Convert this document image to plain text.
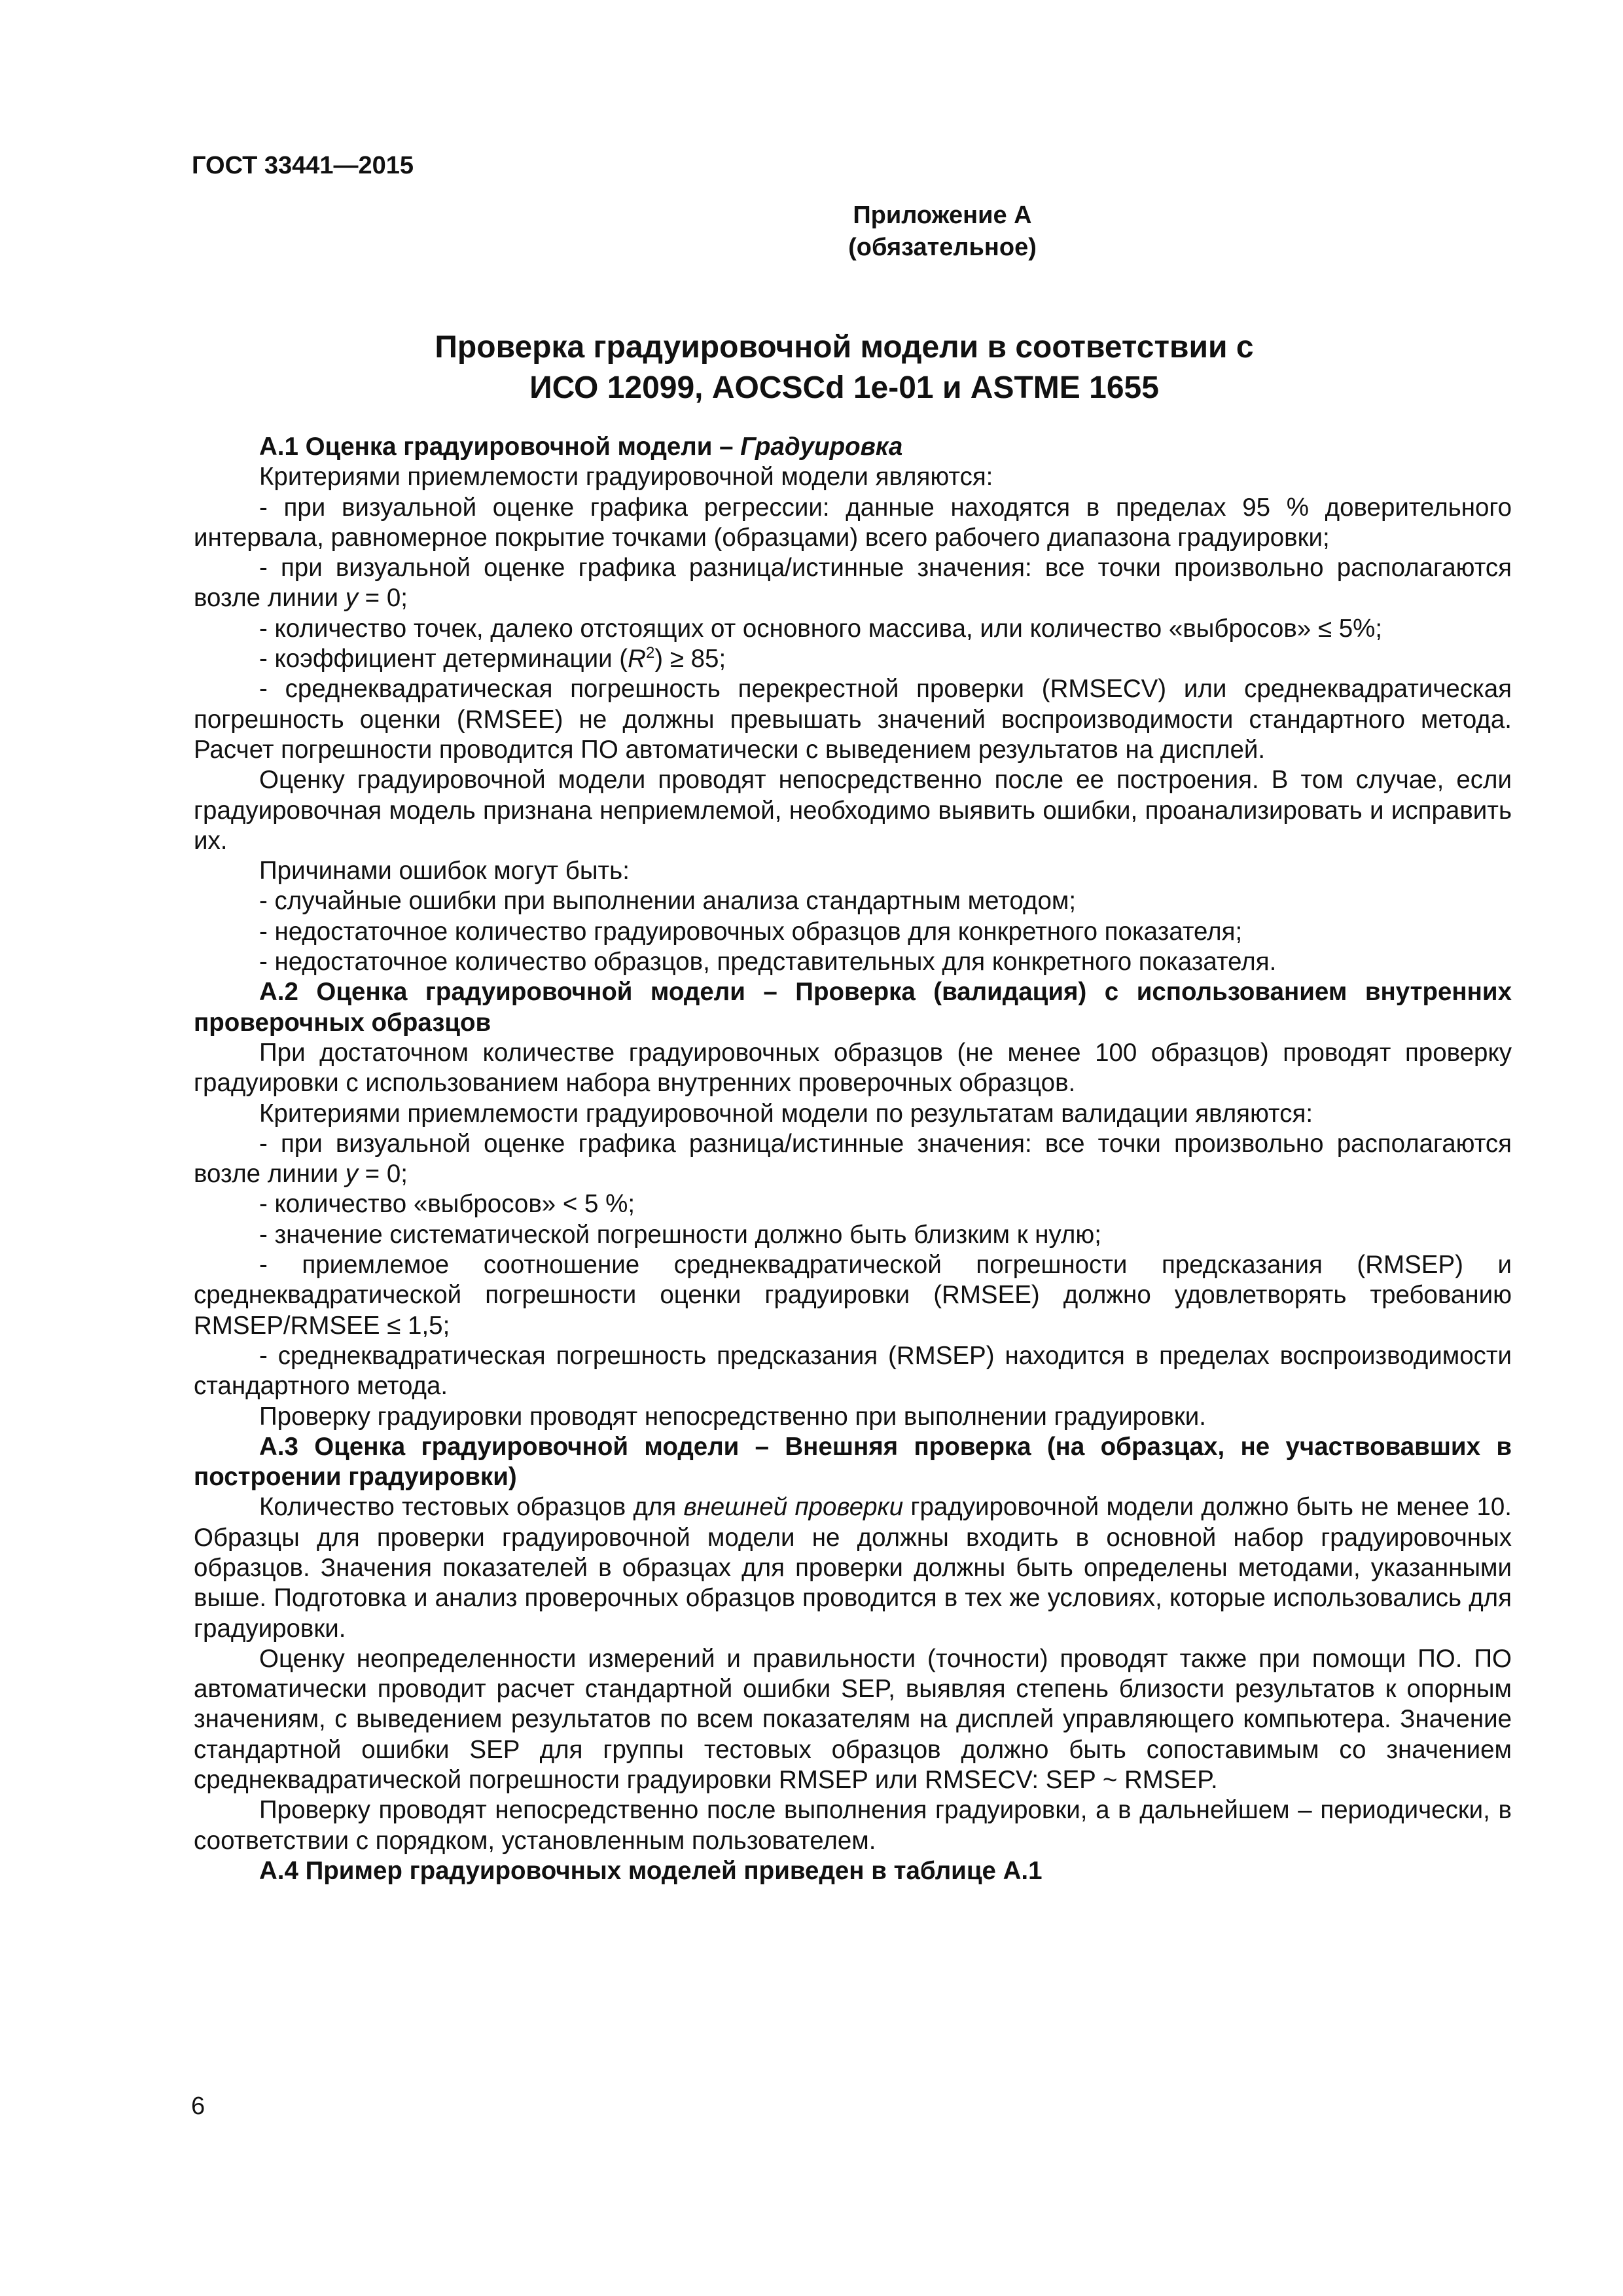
ГОСТ 33441—2015
Приложение А
(обязательное)
Проверка градуировочной модели в соответствии с
ИСО 12099, AOCSCd 1е-01 и ASTME 1655

А.1 Оценка градуировочной модели – Градуировка

Критериями приемлемости градуировочной модели являются:

- при визуальной оценке графика регрессии: данные находятся в пределах 95 % доверительного интервала, равномерное покрытие точками (образцами) всего рабочего диапазона градуировки;

- при визуальной оценке графика разница/истинные значения: все точки произвольно располагаются возле линии y = 0;

- количество точек, далеко отстоящих от основного массива, или количество «выбросов» ≤ 5%;

- коэффициент детерминации $(R^2) \ge 85$;

- среднеквадратическая погрешность перекрестной проверки (RMSECV) или среднеквадратическая погрешность оценки (RMSEE) не должны превышать значений воспроизводимости стандартного метода. Расчет погрешности проводится ПО автоматически с выведением результатов на дисплей.

Оценку градуировочной модели проводят непосредственно после ее построения. В том случае, если градуировочная модель признана неприемлемой, необходимо выявить ошибки, проанализировать и исправить их.

Причинами ошибок могут быть:

- случайные ошибки при выполнении анализа стандартным методом;

- недостаточное количество градуировочных образцов для конкретного показателя;

- недостаточное количество образцов, представительных для конкретного показателя.

А.2 Оценка градуировочной модели – Проверка (валидация) с использованием внутренних проверочных образцов

При достаточном количестве градуировочных образцов (не менее 100 образцов) проводят проверку градуировки с использованием набора внутренних проверочных образцов.

Критериями приемлемости градуировочной модели по результатам валидации являются:

- при визуальной оценке графика разница/истинные значения: все точки произвольно располагаются возле линии y = 0;

- количество «выбросов» < 5 %;

- значение систематической погрешности должно быть близким к нулю;

- приемлемое соотношение среднеквадратической погрешности предсказания (RMSEP) и среднеквадратической погрешности оценки градуировки (RMSEE) должно удовлетворять требованию RMSEP/RMSEE ≤ 1,5;

- среднеквадратическая погрешность предсказания (RMSEP) находится в пределах воспроизводимости стандартного метода.

Проверку градуировки проводят непосредственно при выполнении градуировки.

А.3 Оценка градуировочной модели – Внешняя проверка (на образцах, не участвовавших в построении градуировки)

Количество тестовых образцов для внешней проверки градуировочной модели должно быть не менее 10. Образцы для проверки градуировочной модели не должны входить в основной набор градуировочных образцов. Значения показателей в образцах для проверки должны быть определены методами, указанными выше. Подготовка и анализ проверочных образцов проводится в тех же условиях, которые использовались для градуировки.

Оценку неопределенности измерений и правильности (точности) проводят также при помощи ПО. ПО автоматически проводит расчет стандартной ошибки SEP, выявляя степень близости результатов к опорным значениям, с выведением результатов по всем показателям на дисплей управляющего компьютера. Значение стандартной ошибки SEP для группы тестовых образцов должно быть сопоставимым со значением среднеквадратической погрешности градуировки RMSEP или RMSECV: SEP ~ RMSEP.

Проверку проводят непосредственно после выполнения градуировки, а в дальнейшем – периодически, в соответствии с порядком, установленным пользователем.

А.4 Пример градуировочных моделей приведен в таблице А.1

6
